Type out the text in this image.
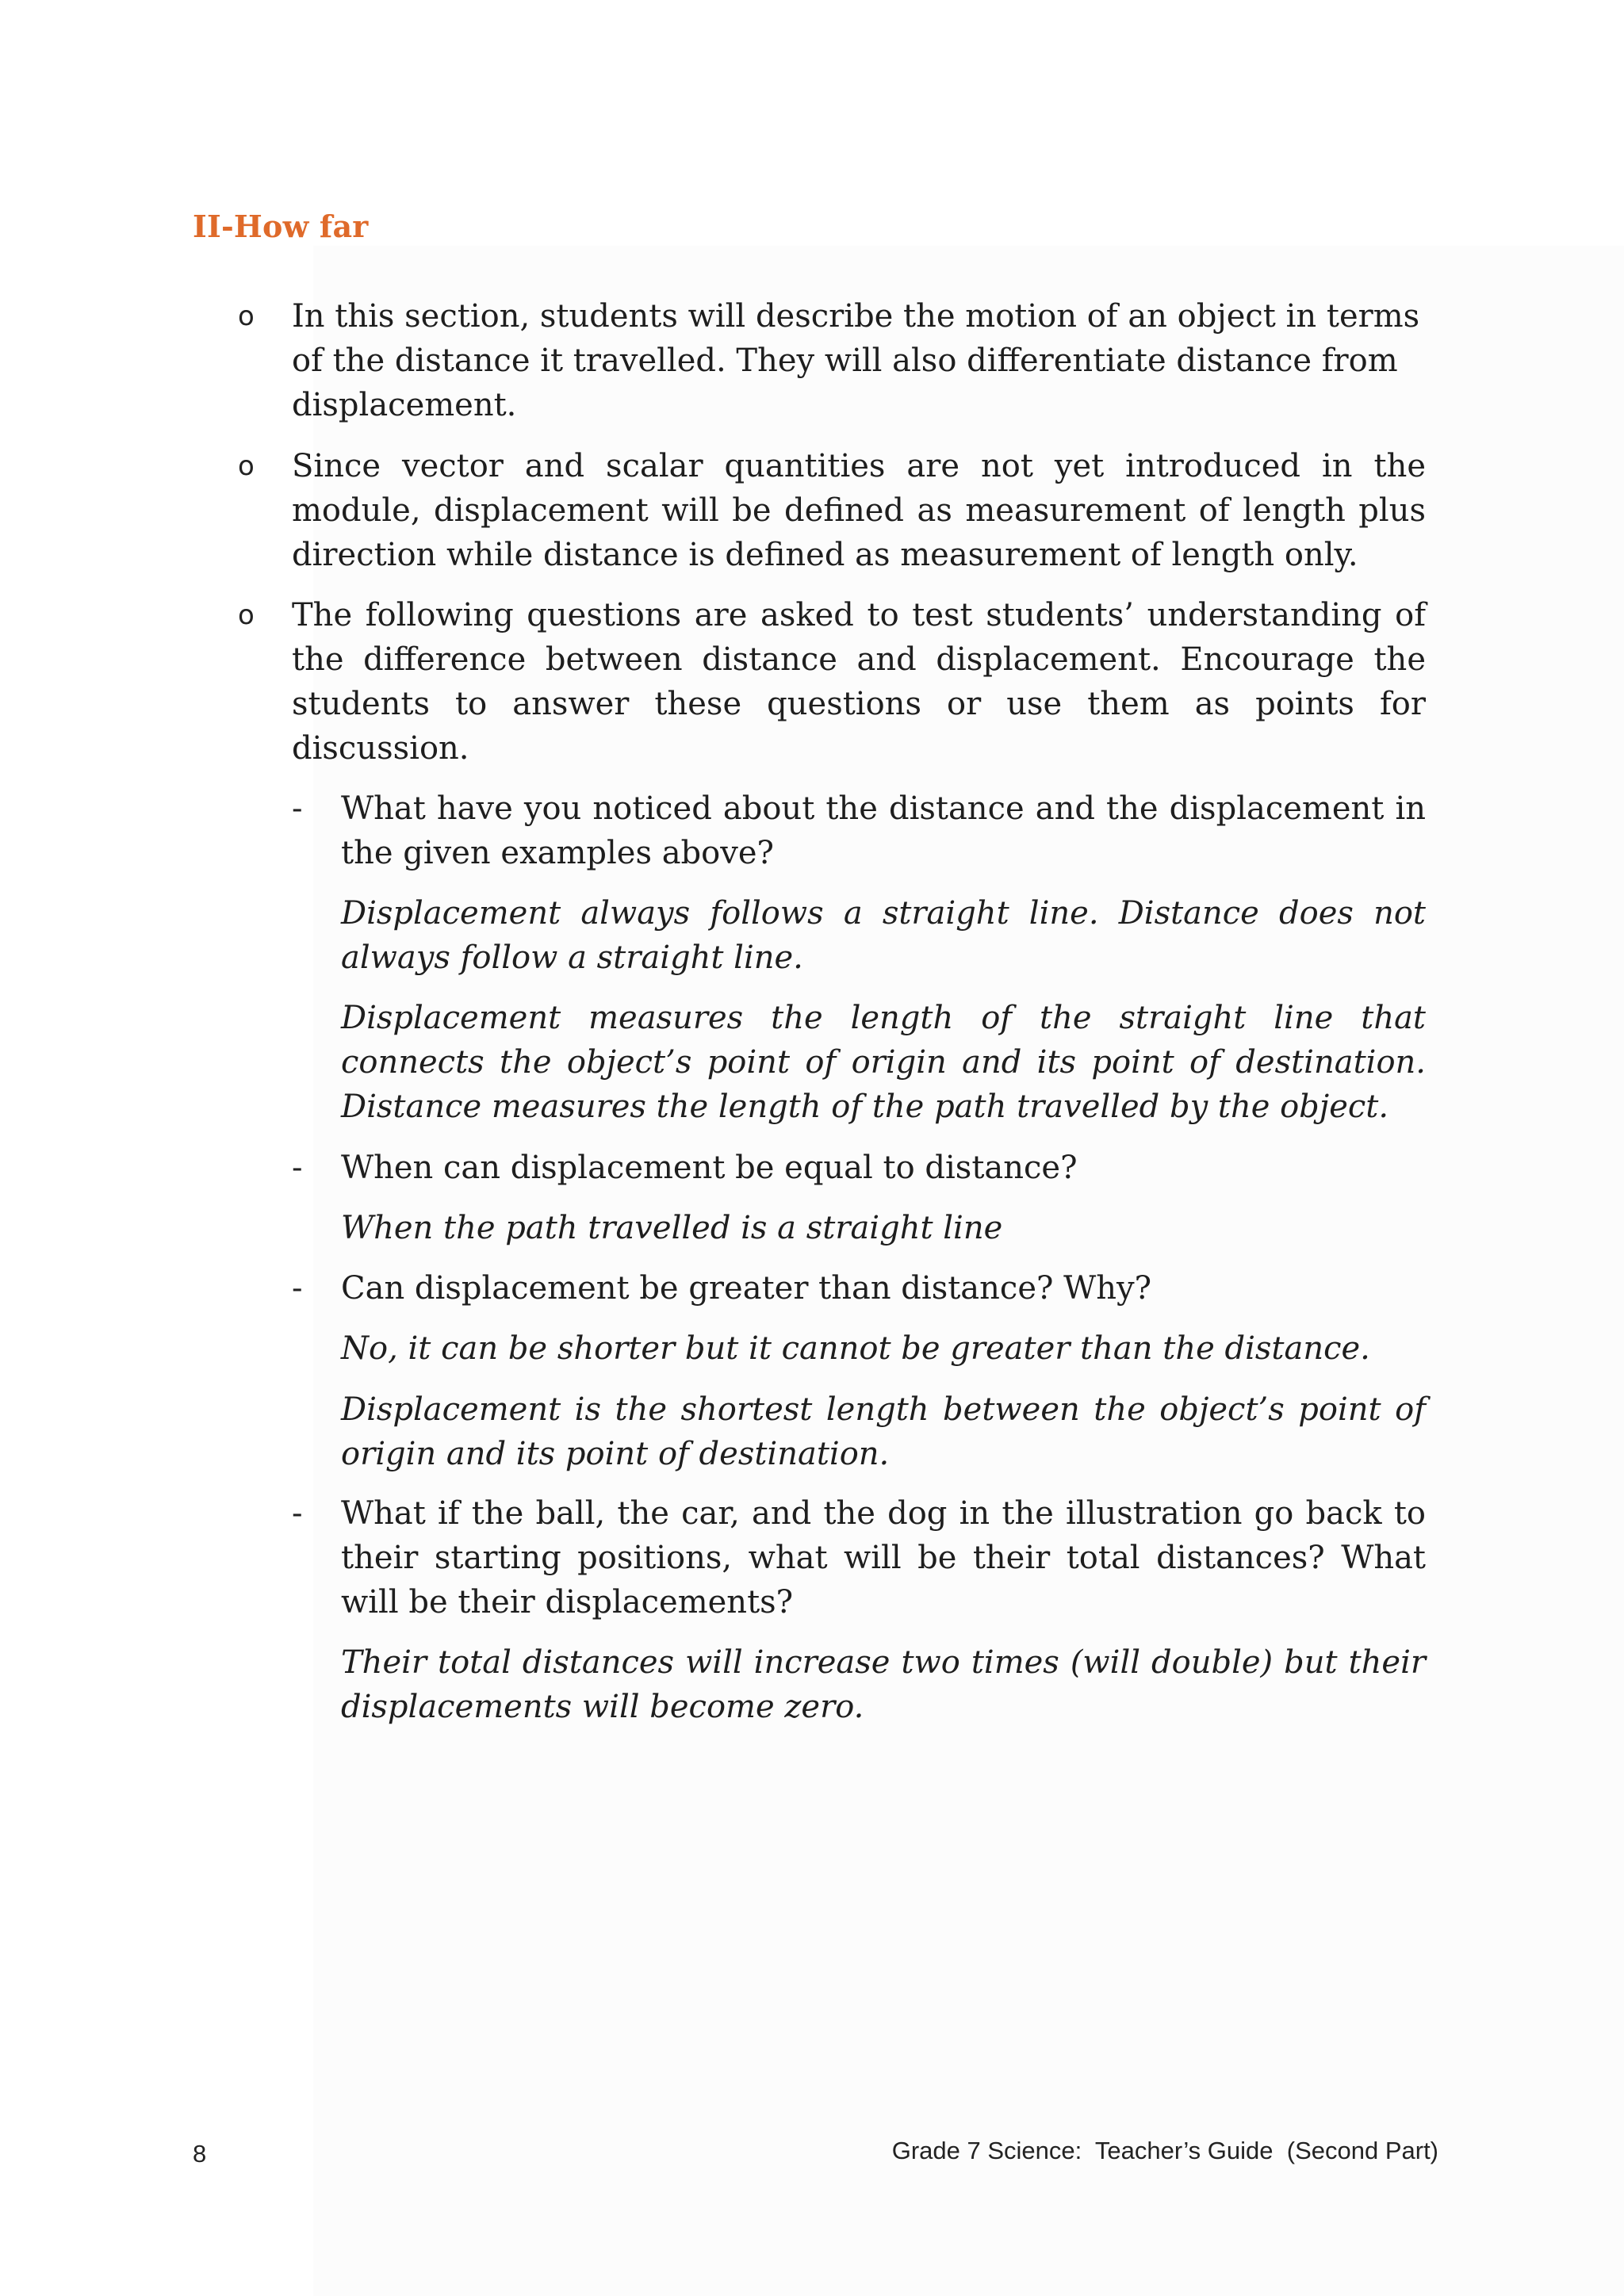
II-How far
o	In this section, students will describe the motion of an object in terms of the distance it travelled. They will also differentiate distance from displacement.

o	Since vector and scalar quantities are not yet introduced in the module, displacement will be defined as measurement of length plus direction while distance is defined as measurement of length only.

o	The following questions are asked to test students’ understanding of the difference between distance and displacement. Encourage the students to answer these questions or use them as points for discussion.

-	What have you noticed about the distance and the displacement in the given examples above?

Displacement always follows a straight line. Distance does not always follow a straight line.

Displacement measures the length of the straight line that connects the object’s point of origin and its point of destination. Distance measures the length of the path travelled by the object.

-	When can displacement be equal to distance?

When the path travelled is a straight line

-	Can displacement be greater than distance? Why?

No, it can be shorter but it cannot be greater than the distance.

Displacement is the shortest length between the object’s point of origin and its point of destination.

-	What if the ball, the car, and the dog in the illustration go back to their starting positions, what will be their total distances? What will be their displacements?

Their total distances will increase two times (will double) but their displacements will become zero.

8	Grade 7 Science:  Teacher’s Guide  (Second Part)
